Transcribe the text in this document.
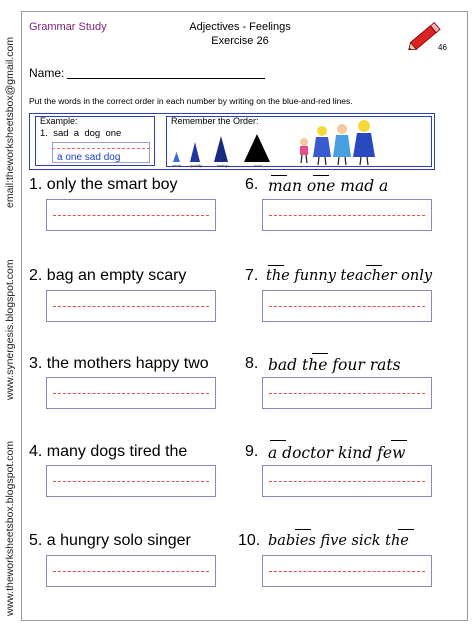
email:theworksheetsbox@gmail.com
www.synergesis.blogspot.com
www.theworksheetsbox.blogspot.com
Grammar Study	Adjectives - Feelings
Exercise 26
46
Name:
Put the words in the correct order in each number by writing on the blue-and-red lines.
Example:
1.  sad  a  dog  one
a one sad dog
Remember the Order:
article quantity	feelings	noun
1. only the smart boy
2. bag an empty scary
3. the mothers happy two
4. many dogs tired the
5. a hungry solo singer
6. man one mad a
7. the funny teacher only
8. bad the four rats
9. a doctor kind few
10. babies five sick the
